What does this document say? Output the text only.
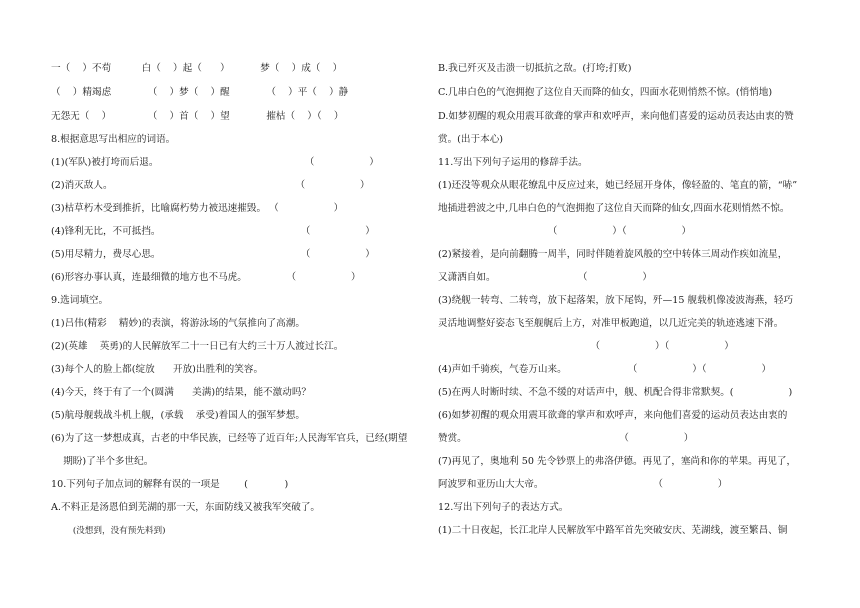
一（    ）不苟          白（    ）起（      ）          梦（    ）成（    ）
（    ）精竭虑            （    ）梦（    ）醒            （    ）平（    ）静
无怨无（    ）            （    ）首（    ）望            摧枯（    ）（    ）
8.根据意思写出相应的词语。
(1)(军队)被打垮而后退。                                                （                  ）
(2)消灭敌人。                                                            （                  ）
(3)枯草朽木受到推折，比喻腐朽势力被迅速摧毁。 （                  ）
(4)锋利无比，不可抵挡。                                              （                  ）
(5)用尽精力，费尽心思。                                              （                  ）
(6)形容办事认真，连最细微的地方也不马虎。             （                  ）
9.选词填空。
(1)吕伟(精彩    精妙)的表演，将游泳场的气氛推向了高潮。
(2)(英雄    英勇)的人民解放军二十一日已有大约三十万人渡过长江。
(3)每个人的脸上都(绽放      开放)出胜利的笑容。
(4)今天，终于有了一个(圆满      美满)的结果，能不激动吗？
(5)航母舰载战斗机上舰，(承载    承受)着国人的强军梦想。
(6)为了这一梦想成真，古老的中华民族，已经等了近百年;人民海军官兵，已经(期望
期盼)了半个多世纪。
10.下列句子加点词的解释有误的一项是        (            )
A.不料正是汤恩伯到芜湖的那一天，东面防线又被我军突破了。
(没想到，没有预先料到)
B.我已歼灭及击溃一切抵抗之敌。(打垮;打败)
C.几串白色的气泡拥抱了这位自天而降的仙女，四面水花则悄然不惊。(悄悄地)
D.如梦初醒的观众用震耳欲聋的掌声和欢呼声，来向他们喜爱的运动员表达由衷的赞
赏。(出于本心)
11.写出下列句子运用的修辞手法。
(1)还没等观众从眼花缭乱中反应过来，她已经屈开身体，像轻盈的、笔直的箭，“哧”
地插进碧波之中,几串白色的气泡拥抱了这位自天而降的仙女,四面水花则悄然不惊。
（                  ）（                  ）
(2)紧接着，是向前翻腾一周半，同时伴随着旋风般的空中转体三周动作疾如流星，
又潇洒自如。                           （                  ）
(3)绕舰一转弯、二转弯，放下起落架，放下尾钩，歼—15 舰载机像凌波海燕，轻巧
灵活地调整好姿态飞至舰艉后上方，对准甲板跑道，以几近完美的轨迹逃速下滑。
（                  ）（                  ）
(4)声如千骑疾，气卷万山来。                    （                  ）（                  ）
(5)在两人时断时续、不急不缓的对话声中，舰、机配合得非常默契。(                  )
(6)如梦初醒的观众用震耳欲聋的掌声和欢呼声，来向他们喜爱的运动员表达由衷的
赞赏。                                                  （                  ）
(7)再见了，奥地利 50 先令钞票上的弗洛伊德。再见了，塞尚和你的苹果。再见了，
阿波罗和亚历山大大帝。                                    （                  ）
12.写出下列句子的表达方式。
(1)二十日夜起，长江北岸人民解放军中路军首先突破安庆、芜湖线，渡至繁昌、铜
